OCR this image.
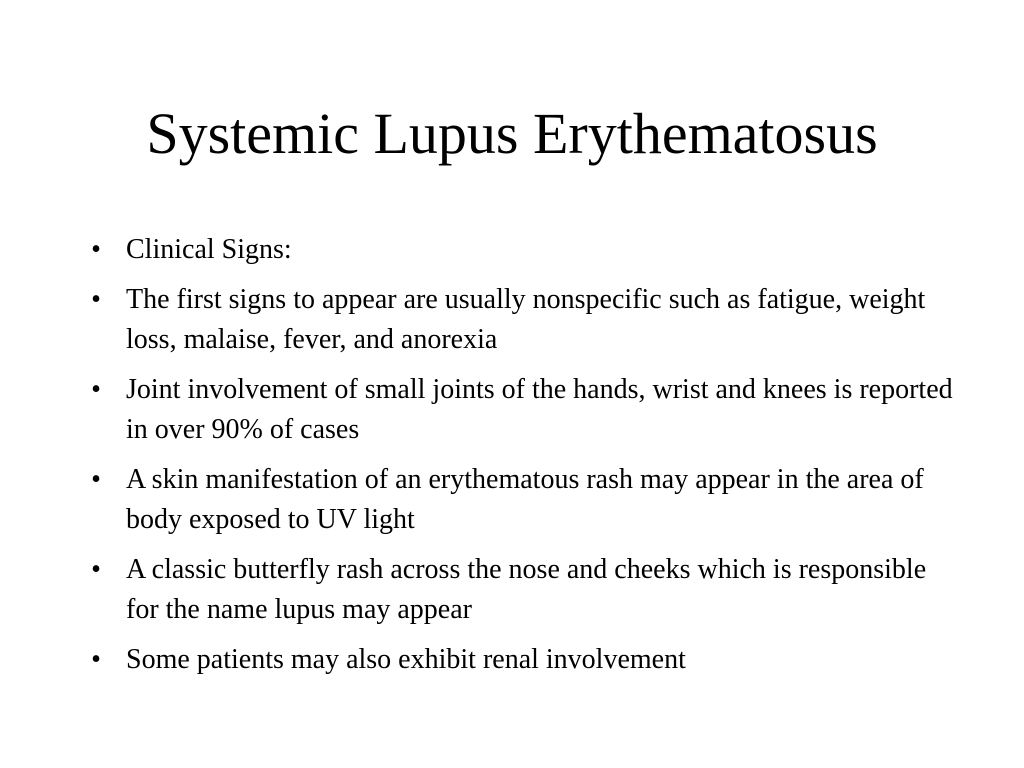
Systemic Lupus Erythematosus
• Clinical Signs:
• The first signs to appear are usually nonspecific such as fatigue, weight loss, malaise, fever, and anorexia
• Joint involvement of small joints of the hands, wrist and knees is reported in over 90% of cases
• A skin manifestation of an erythematous rash may appear in the area of body exposed to UV light
• A classic butterfly rash across the nose and cheeks which is responsible for the name lupus may appear
• Some patients may also exhibit renal involvement
